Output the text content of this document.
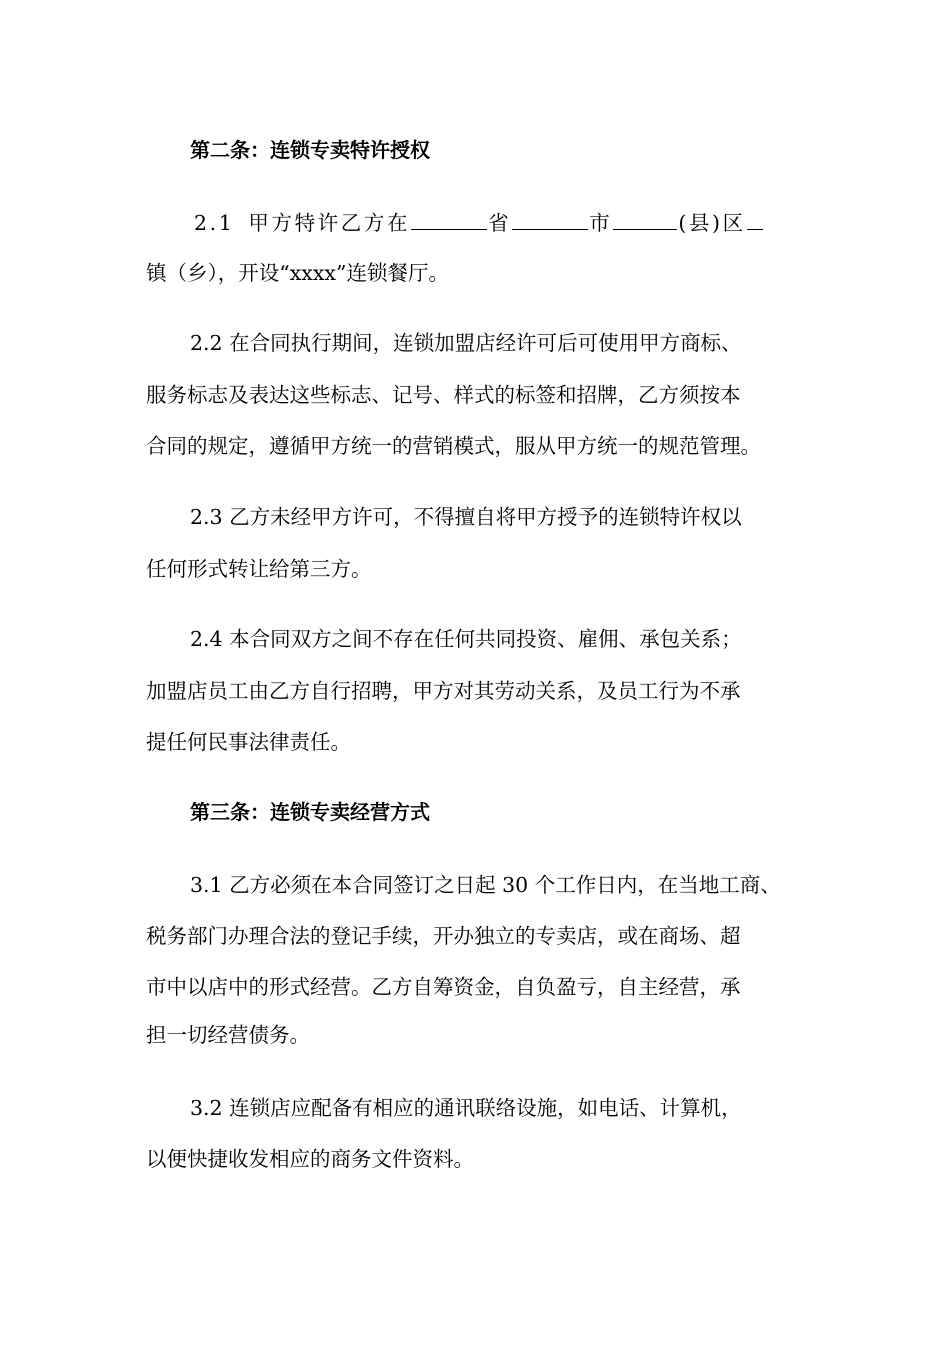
第二条：连锁专卖特许授权
2.1 甲方特许乙方在	省	市	(县)区
镇（乡），开设“xxxx”连锁餐厅。
2.2 在合同执行期间，连锁加盟店经许可后可使用甲方商标、
服务标志及表达这些标志、记号、样式的标签和招牌，乙方须按本
合同的规定，遵循甲方统一的营销模式，服从甲方统一的规范管理。
2.3 乙方未经甲方许可，不得擅自将甲方授予的连锁特许权以
任何形式转让给第三方。
2.4 本合同双方之间不存在任何共同投资、雇佣、承包关系；
加盟店员工由乙方自行招聘，甲方对其劳动关系，及员工行为不承
提任何民事法律责任。
第三条：连锁专卖经营方式
3.1 乙方必须在本合同签订之日起 30 个工作日内，在当地工商、
税务部门办理合法的登记手续，开办独立的专卖店，或在商场、超
市中以店中的形式经营。乙方自筹资金，自负盈亏，自主经营，承
担一切经营债务。
3.2 连锁店应配备有相应的通讯联络设施，如电话、计算机，
以便快捷收发相应的商务文件资料。
